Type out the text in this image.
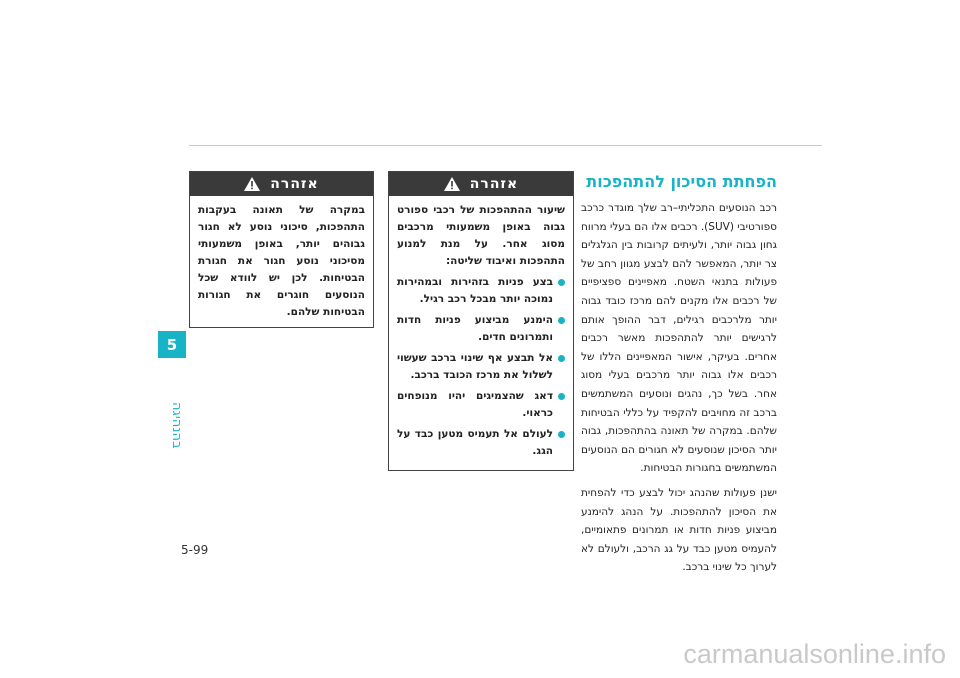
5
בהנהיגה
אזהרה
במקרה של תאונה בעקבות התהפכות, סיכוני נוסע לא חגור גבוהים יותר, באופן משמעותי מסיכוני נוסע חגור את חגורת הבטיחות. לכן יש לוודא שכל הנוסעים חוגרים את חגורות הבטיחות שלהם.
אזהרה
שיעור ההתהפכות של רכבי ספורט גבוה באופן משמעותי מרכבים מסוג אחר. על מנת למנוע התהפכות ואיבוד שליטה:
בצע פניות בזהירות ובמהירות נמוכה יותר מבכל רכב רגיל.
הימנע מביצוע פניות חדות ותמרונים חדים.
אל תבצע אף שינוי ברכב שעשוי לשלול את מרכז הכובד ברכב.
דאג שהצמיגים יהיו מנופחים כראוי.
לעולם אל תעמיס מטען כבד על הגג.
הפחתת הסיכון להתהפכות

רכב הנוסעים התכליתי–רב שלך מוגדר כרכב ספורטיבי (SUV). רכבים אלו הם בעלי מרווח גחון גבוה יותר, ולעיתים קרובות בין הגלגלים צר יותר, המאפשר להם לבצע מגוון רחב של פעולות בתנאי השטח. מאפיינים ספציפיים של רכבים אלו מקנים להם מרכז כובד גבוה יותר מלרכבים רגילים, דבר ההופך אותם לרגישים יותר להתהפכות מאשר רכבים אחרים. בעיקר, אישור המאפיינים הללו של רכבים אלו גבוה יותר מרכבים בעלי מסוג אחר. בשל כך, נהגים ונוסעים המשתמשים ברכב זה מחויבים להקפיד על כללי הבטיחות שלהם. במקרה של תאונה בהתהפכות, גבוה יותר הסיכון שנוסעים לא חגורים הם הנוסעים המשתמשים בחגורות הבטיחות.

ישנן פעולות שהנהג יכול לבצע כדי להפחית את הסיכון להתהפכות. על הנהג להימנע מביצוע פניות חדות או תמרונים פתאומיים, להעמיס מטען כבד על גג הרכב, ולעולם לא לערוך כל שינוי ברכב.

5-99
carmanualsonline.info
